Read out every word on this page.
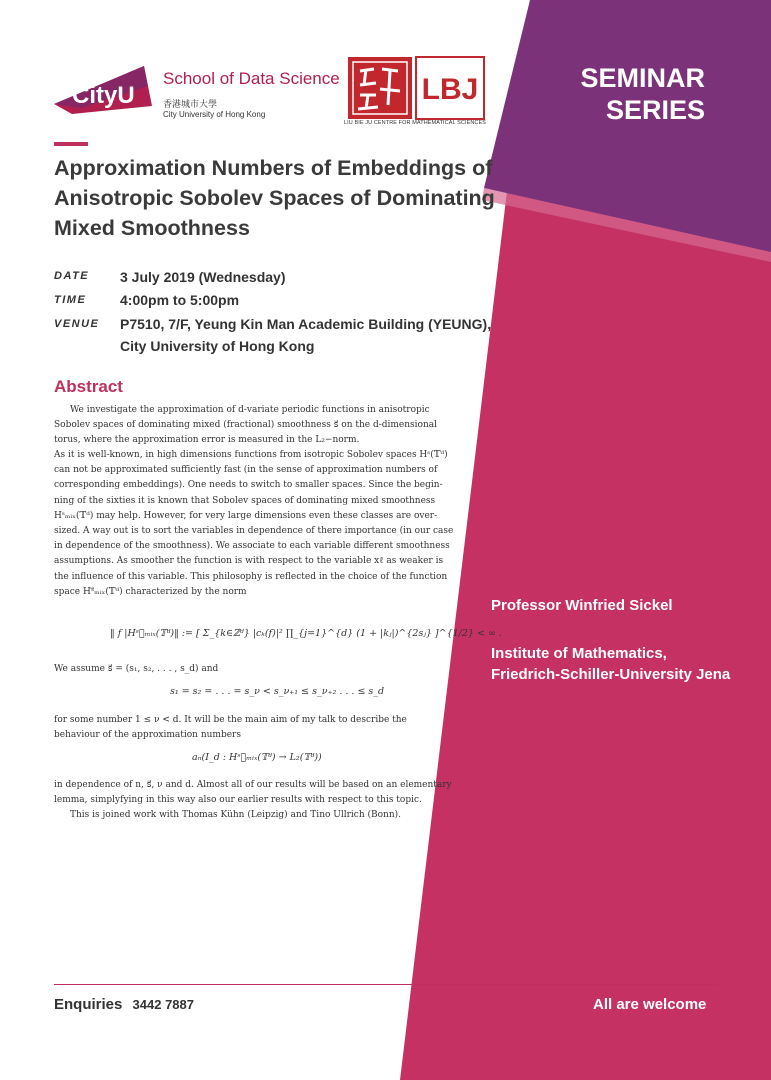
CityU
School of Data Science
香港城市大學
City University of Hong Kong
LBJ
LIU BIE JU CENTRE FOR MATHEMATICAL SCIENCES
SEMINAR
SERIES
Approximation Numbers of Embeddings of Anisotropic Sobolev Spaces of Dominating Mixed Smoothness
DATE 3 July 2019 (Wednesday)
TIME 4:00pm to 5:00pm
VENUE P7510, 7/F, Yeung Kin Man Academic Building (YEUNG),
City University of Hong Kong
Abstract
We investigate the approximation of d-variate periodic functions in anisotropic
Sobolev spaces of dominating mixed (fractional) smoothness s⃗ on the d-dimensional
torus, where the approximation error is measured in the L₂−norm.
As it is well-known, in high dimensions functions from isotropic Sobolev spaces Hˢ(𝕋ᵈ)
can not be approximated sufficiently fast (in the sense of approximation numbers of
corresponding embeddings). One needs to switch to smaller spaces. Since the begin-
ning of the sixties it is known that Sobolev spaces of dominating mixed smoothness
Hˢₘᵢₓ(𝕋ᵈ) may help. However, for very large dimensions even these classes are over-
sized. A way out is to sort the variables in dependence of there importance (in our case
in dependence of the smoothness). We associate to each variable different smoothness
assumptions. As smoother the function is with respect to the variable xℓ as weaker is
the influence of this variable. This philosophy is reflected in the choice of the function
space Hˢ⃗ₘᵢₓ(𝕋ᵈ) characterized by the norm
‖ f |Hˢ⃗ₘᵢₓ(𝕋ᵈ)‖ := [ Σ_{k∈ℤᵈ} |cₖ(f)|² ∏_{j=1}^{d} (1 + |kⱼ|)^{2sⱼ} ]^{1/2} < ∞ .
We assume s⃗ = (s₁, s₂, . . . , s_d) and
s₁ = s₂ = . . . = s_ν < s_ν₊₁ ≤ s_ν₊₂ . . . ≤ s_d
for some number 1 ≤ ν < d. It will be the main aim of my talk to describe the
behaviour of the approximation numbers
aₙ(I_d : Hˢ⃗ₘᵢₓ(𝕋ᵈ) → L₂(𝕋ᵈ))
in dependence of n, s⃗, ν and d. Almost all of our results will be based on an elementary
lemma, simplyfying in this way also our earlier results with respect to this topic.
This is joined work with Thomas Kühn (Leipzig) and Tino Ullrich (Bonn).
Professor Winfried Sickel
Institute of Mathematics,
Friedrich-Schiller-University Jena
Enquiries 3442 7887	All are welcome
